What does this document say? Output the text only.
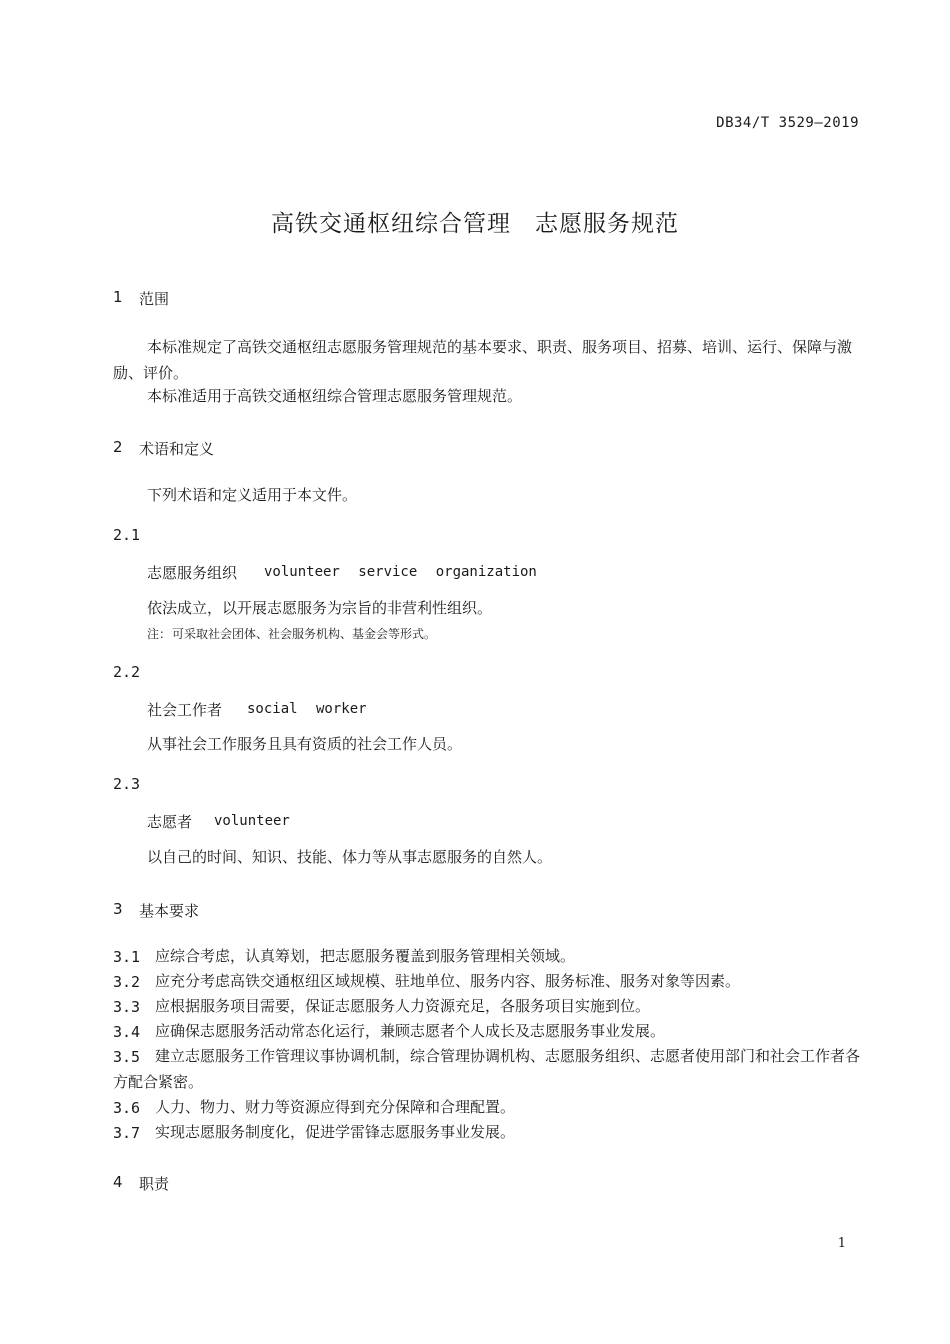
DB34/T 3529—2019
高铁交通枢纽综合管理　志愿服务规范
1 范围
本标准规定了高铁交通枢纽志愿服务管理规范的基本要求、职责、服务项目、招募、培训、运行、保障与激励、评价。
本标准适用于高铁交通枢纽综合管理志愿服务管理规范。
2 术语和定义
下列术语和定义适用于本文件。
2.1
志愿服务组织 volunteer service organization
依法成立，以开展志愿服务为宗旨的非营利性组织。
注： 可采取社会团体、社会服务机构、基金会等形式。
2.2
社会工作者 social worker
从事社会工作服务且具有资质的社会工作人员。
2.3
志愿者 volunteer
以自己的时间、知识、技能、体力等从事志愿服务的自然人。
3 基本要求
3.1 应综合考虑，认真筹划，把志愿服务覆盖到服务管理相关领域。
3.2 应充分考虑高铁交通枢纽区域规模、驻地单位、服务内容、服务标准、服务对象等因素。
3.3 应根据服务项目需要，保证志愿服务人力资源充足，各服务项目实施到位。
3.4 应确保志愿服务活动常态化运行，兼顾志愿者个人成长及志愿服务事业发展。
3.5 建立志愿服务工作管理议事协调机制，综合管理协调机构、志愿服务组织、志愿者使用部门和社会工作者各方配合紧密。
3.6 人力、物力、财力等资源应得到充分保障和合理配置。
3.7 实现志愿服务制度化，促进学雷锋志愿服务事业发展。
4 职责
1
